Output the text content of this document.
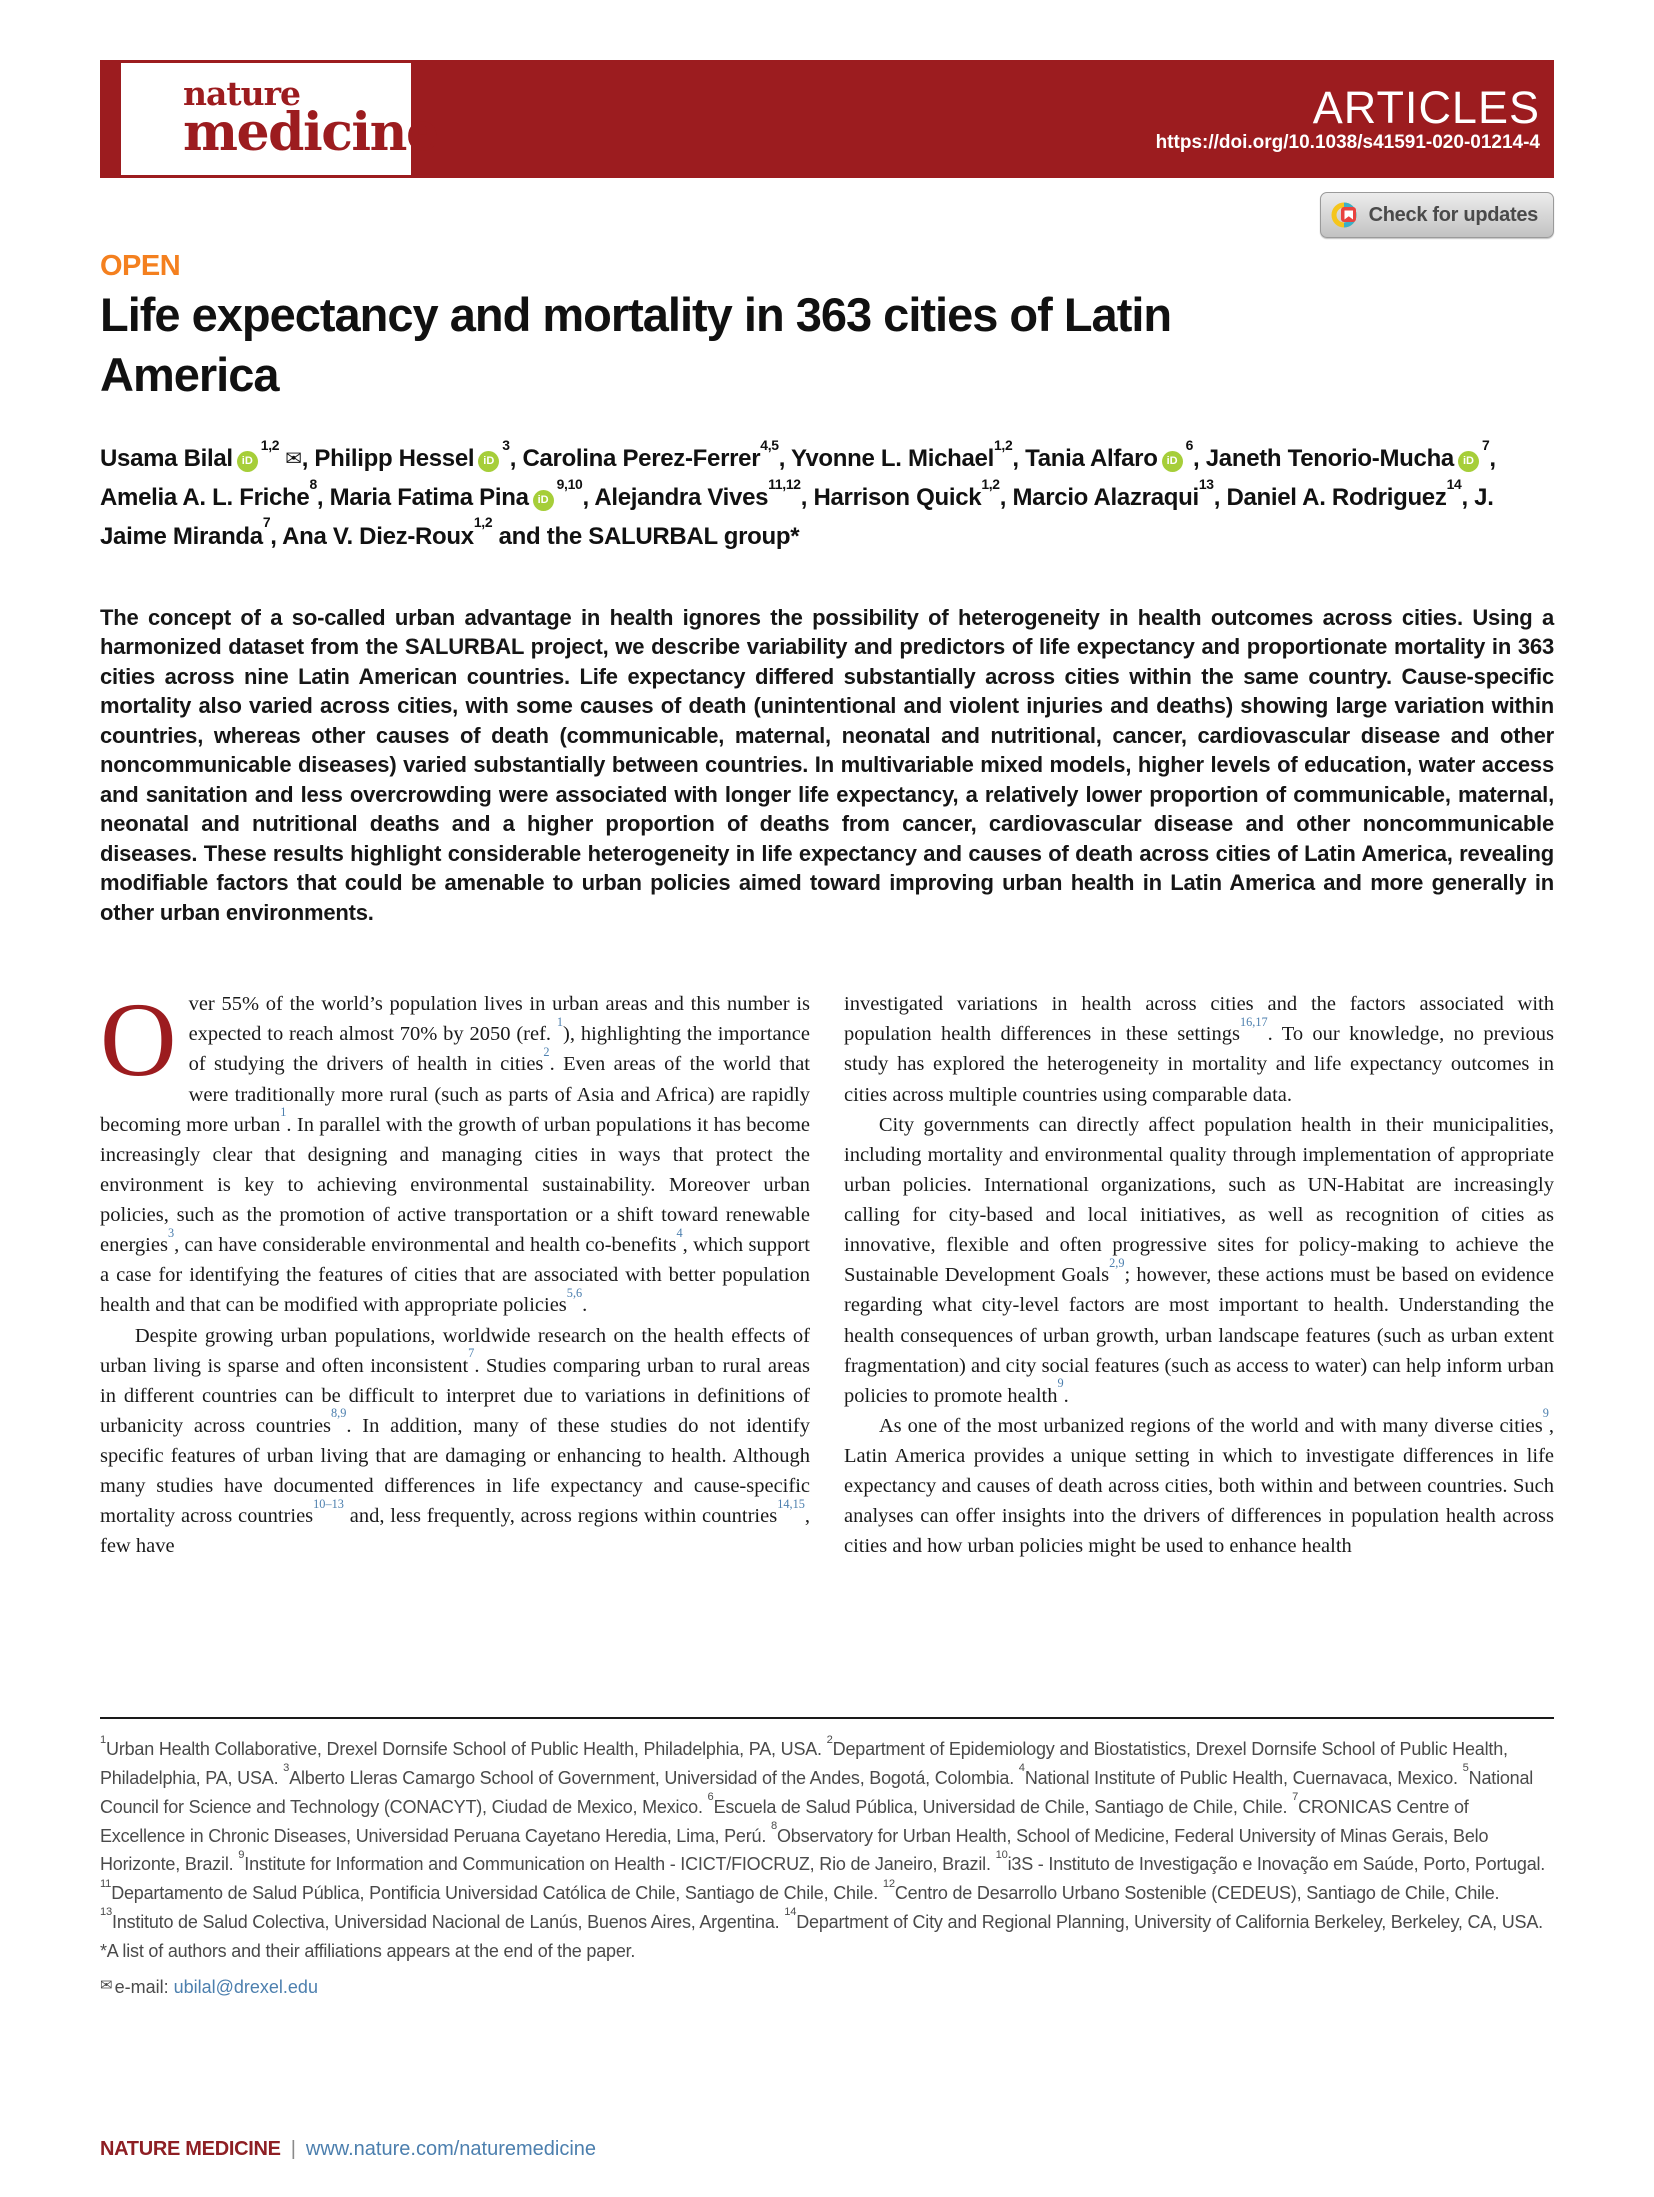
nature
medicine	ARTICLES
https://doi.org/10.1038/s41591-020-01214-4
Check for updates
OPEN
Life expectancy and mortality in 363 cities of Latin America

Usama Bilal iD$^{1,2}$✉, Philipp Hessel $iD^3$, Carolina Perez-Ferrer$^{4,5}$, Yvonne L. Michael$^{1,2}$, Tania Alfaro $iD^6$, Janeth Tenorio-Mucha $iD^7$, Amelia A. L. Friche$^8$, Maria Fatima Pina iD$^{9,10}$, Alejandra Vives$^{11,12}$, Harrison Quick$^{1,2}$, Marcio Alazraqui$^{13}$, Daniel A. Rodriguez$^{14}$, J. Jaime Miranda$^7$, Ana V. Diez-Roux$^{1,2}$ and the SALURBAL group*

The concept of a so-called urban advantage in health ignores the possibility of heterogeneity in health outcomes across cities. Using a harmonized dataset from the SALURBAL project, we describe variability and predictors of life expectancy and proportionate mortality in 363 cities across nine Latin American countries. Life expectancy differed substantially across cities within the same country. Cause-specific mortality also varied across cities, with some causes of death (unintentional and violent injuries and deaths) showing large variation within countries, whereas other causes of death (communicable, maternal, neonatal and nutritional, cancer, cardiovascular disease and other noncommunicable diseases) varied substantially between countries. In multivariable mixed models, higher levels of education, water access and sanitation and less overcrowding were associated with longer life expectancy, a relatively lower proportion of communicable, maternal, neonatal and nutritional deaths and a higher proportion of deaths from cancer, cardiovascular disease and other noncommunicable diseases. These results highlight considerable heterogeneity in life expectancy and causes of death across cities of Latin America, revealing modifiable factors that could be amenable to urban policies aimed toward improving urban health in Latin America and more generally in other urban environments.

Over 55% of the world’s population lives in urban areas and this number is expected to reach almost 70% by 2050 (ref. $^1$), highlighting the importance of studying the drivers of health in cities$^2$. Even areas of the world that were traditionally more rural (such as parts of Asia and Africa) are rapidly becoming more urban$^1$. In parallel with the growth of urban populations it has become increasingly clear that designing and managing cities in ways that protect the environment is key to achieving environmental sustainability. Moreover urban policies, such as the promotion of active transportation or a shift toward renewable energies$^3$, can have considerable environmental and health co-benefits$^4$, which support a case for identifying the features of cities that are associated with better population health and that can be modified with appropriate policies$^{5,6}$.

Despite growing urban populations, worldwide research on the health effects of urban living is sparse and often inconsistent$^7$. Studies comparing urban to rural areas in different countries can be difficult to interpret due to variations in definitions of urbanicity across countries$^{8,9}$. In addition, many of these studies do not identify specific features of urban living that are damaging or enhancing to health. Although many studies have documented differences in life expectancy and cause-specific mortality across countries$^{10-13}$ and, less frequently, across regions within countries$^{14,15}$, few have

investigated variations in health across cities and the factors associated with population health differences in these settings$^{16,17}$. To our knowledge, no previous study has explored the heterogeneity in mortality and life expectancy outcomes in cities across multiple countries using comparable data.

City governments can directly affect population health in their municipalities, including mortality and environmental quality through implementation of appropriate urban policies. International organizations, such as UN-Habitat are increasingly calling for city-based and local initiatives, as well as recognition of cities as innovative, flexible and often progressive sites for policy-making to achieve the Sustainable Development Goals$^{2,9}$; however, these actions must be based on evidence regarding what city-level factors are most important to health. Understanding the health consequences of urban growth, urban landscape features (such as urban extent fragmentation) and city social features (such as access to water) can help inform urban policies to promote health$^9$.

As one of the most urbanized regions of the world and with many diverse cities$^9$, Latin America provides a unique setting in which to investigate differences in life expectancy and causes of death across cities, both within and between countries. Such analyses can offer insights into the drivers of differences in population health across cities and how urban policies might be used to enhance health

$^1$Urban Health Collaborative, Drexel Dornsife School of Public Health, Philadelphia, PA, USA. $^2$Department of Epidemiology and Biostatistics, Drexel Dornsife School of Public Health, Philadelphia, PA, USA. $^3$Alberto Lleras Camargo School of Government, Universidad of the Andes, Bogotá, Colombia. $^4$National Institute of Public Health, Cuernavaca, Mexico. $^5$National Council for Science and Technology (CONACYT), Ciudad de Mexico, Mexico. $^6$Escuela de Salud Pública, Universidad de Chile, Santiago de Chile, Chile. $^7$CRONICAS Centre of Excellence in Chronic Diseases, Universidad Peruana Cayetano Heredia, Lima, Perú. $^8$Observatory for Urban Health, School of Medicine, Federal University of Minas Gerais, Belo Horizonte, Brazil. $^9$Institute for Information and Communication on Health - ICICT/FIOCRUZ, Rio de Janeiro, Brazil. $^{10}$i3S - Instituto de Investigação e Inovação em Saúde, Porto, Portugal. $^{11}$Departamento de Salud Pública, Pontificia Universidad Católica de Chile, Santiago de Chile, Chile. $^{12}$Centro de Desarrollo Urbano Sostenible (CEDEUS), Santiago de Chile, Chile. $^{13}$Instituto de Salud Colectiva, Universidad Nacional de Lanús, Buenos Aires, Argentina. $^{14}$Department of City and Regional Planning, University of California Berkeley, Berkeley, CA, USA. *A list of authors and their affiliations appears at the end of the paper.

✉ e-mail: ubilal@drexel.edu

NATURE MEDICINE | www.nature.com/naturemedicine
